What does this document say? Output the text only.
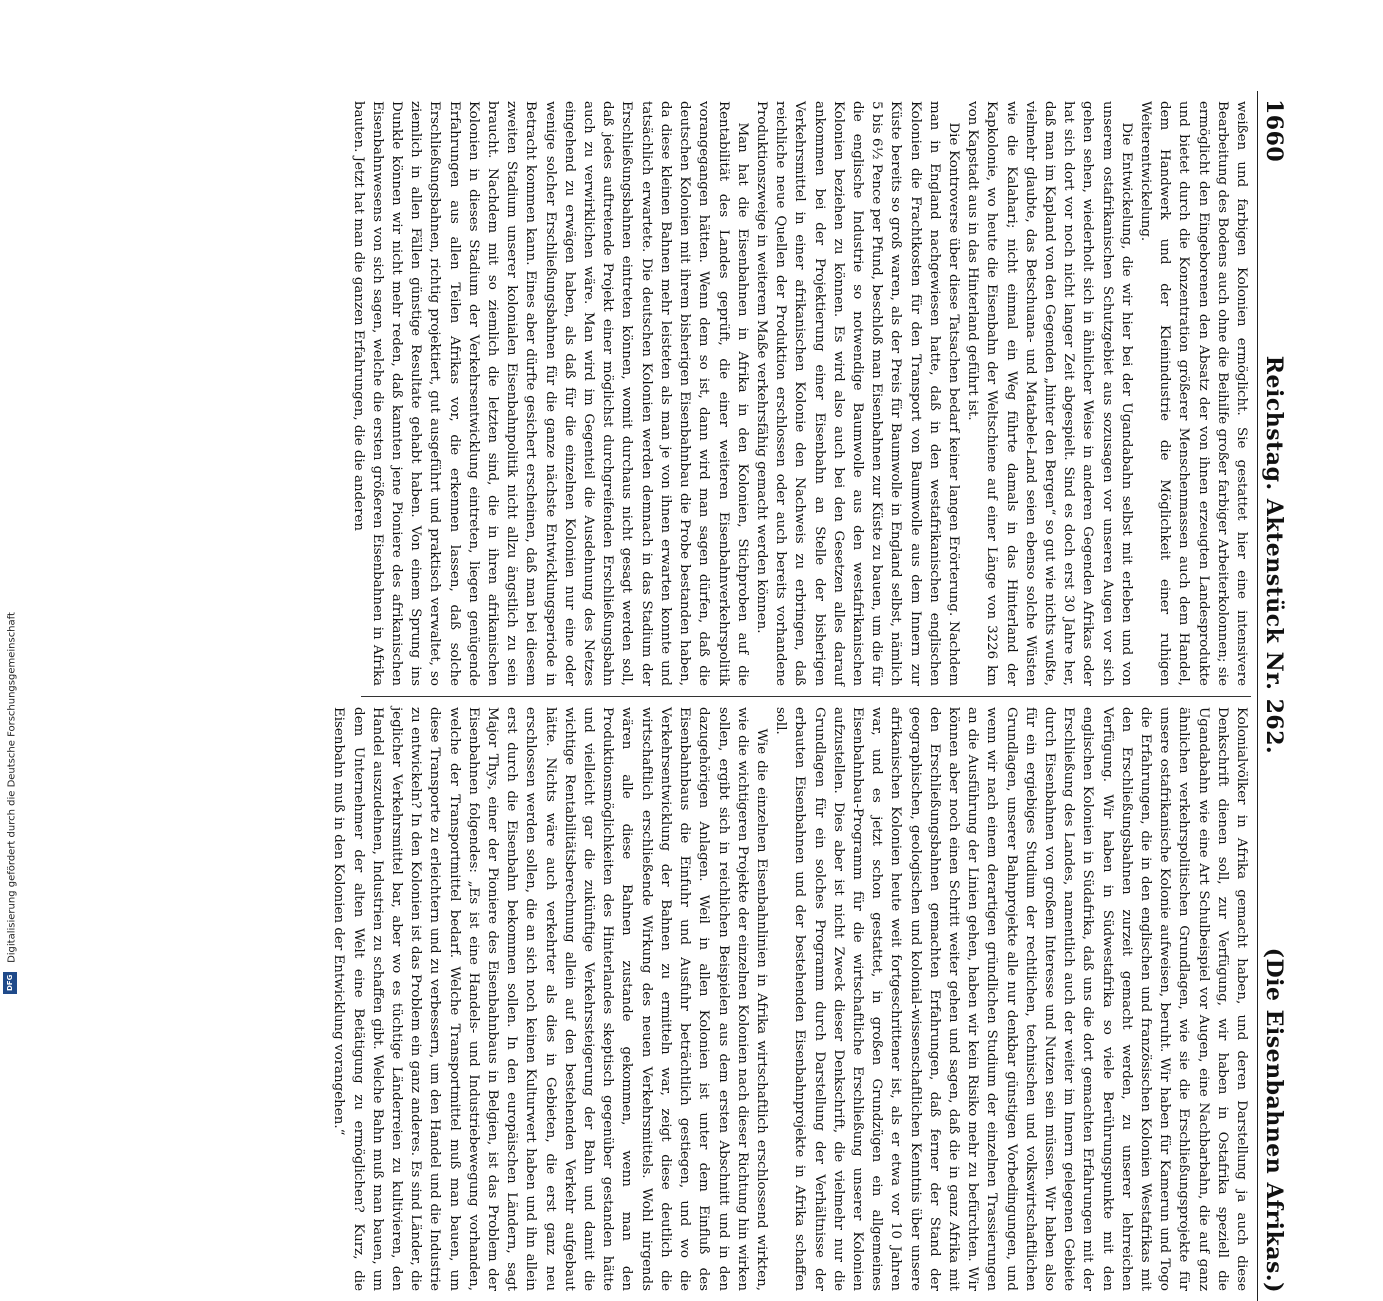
1660
Reichstag. Aktenstück Nr. 262.
(Die Eisenbahnen Afrikas.)

weißen und farbigen Kolonien ermöglicht. Sie gestattet hier eine intensivere Bearbeitung des Bodens auch ohne die Beihilfe großer farbiger Arbeiterkolonnen; sie ermöglicht den Eingeborenen den Absatz der von ihnen erzeugten Landesprodukte und bietet durch die Konzentration größerer Menschenmassen auch dem Handel, dem Handwerk und der Kleinindustrie die Möglichkeit einer ruhigen Weiterentwickelung.

Die Entwickelung, die wir hier bei der Ugandabahn selbst mit erleben und von unserem ostafrikanischen Schutzgebiet aus sozusagen vor unseren Augen vor sich gehen sehen, wiederholt sich in ähnlicher Weise in anderen Gegenden Afrikas oder hat sich dort vor noch nicht langer Zeit abgespielt. Sind es doch erst 30 Jahre her, daß man im Kapland von den Gegenden „hinter den Bergen“ so gut wie nichts wußte, vielmehr glaubte, das Betschuana- und Matabele-Land seien ebenso solche Wüsten wie die Kalahari; nicht einmal ein Weg führte damals in das Hinterland der Kapkolonie, wo heute die Eisenbahn der Weltschiene auf einer Länge von 3226 km von Kapstadt aus in das Hinterland geführt ist.

Die Kontroverse über diese Tatsachen bedarf keiner langen Erörterung. Nachdem man in England nachgewiesen hatte, daß in den westafrikanischen englischen Kolonien die Frachtkosten für den Transport von Baumwolle aus dem Innern zur Küste bereits so groß waren, als der Preis für Baumwolle in England selbst, nämlich 5 bis 6½ Pence per Pfund, beschloß man Eisenbahnen zur Küste zu bauen, um die für die englische Industrie so notwendige Baumwolle aus den westafrikanischen Kolonien beziehen zu können. Es wird also auch bei den Gesetzen alles darauf ankommen bei der Projektierung einer Eisenbahn an Stelle der bisherigen Verkehrsmittel in einer afrikanischen Kolonie den Nachweis zu erbringen, daß reichliche neue Quellen der Produktion erschlossen oder auch bereits vorhandene Produktionszweige in weiterem Maße verkehrsfähig gemacht werden können.

Man hat die Eisenbahnen in Afrika in den Kolonien, Stichproben auf die Rentabilität des Landes geprüft, die einer weiteren Eisenbahnverkehrspolitik vorangegangen hätten. Wenn dem so ist, dann wird man sagen dürfen, daß die deutschen Kolonien mit ihrem bisherigen Eisenbahnbau die Probe bestanden haben, da diese kleinen Bahnen mehr leisteten als man je von ihnen erwarten konnte und tatsächlich erwartete. Die deutschen Kolonien werden demnach in das Stadium der Erschließungsbahnen eintreten können, womit durchaus nicht gesagt werden soll, daß jedes auftretende Projekt einer möglichst durchgreifenden Erschließungsbahn auch zu verwirklichen wäre. Man wird im Gegenteil die Ausdehnung des Netzes eingehend zu erwägen haben, als daß für die einzelnen Kolonien nur eine oder wenige solcher Erschließungsbahnen für die ganze nächste Entwicklungsperiode in Betracht kommen kann. Eines aber dürfte gesichert erscheinen, daß man bei diesem zweiten Stadium unserer kolonialen Eisenbahnpolitik nicht allzu ängstlich zu sein braucht. Nachdem mit so ziemlich die letzten sind, die in ihren afrikanischen Kolonien in dieses Stadium der Verkehrsentwicklung eintreten, liegen genügende Erfahrungen aus allen Teilen Afrikas vor, die erkennen lassen, daß solche Erschließungsbahnen, richtig projektiert, gut ausgeführt und praktisch verwaltet, so ziemlich in allen Fällen günstige Resultate gehabt haben. Von einem Sprung ins Dunkle können wir nicht mehr reden, daß kannten jene Pioniere des afrikanischen Eisenbahnwesens von sich sagen, welche die ersten größeren Eisenbahnen in Afrika bauten. Jetzt hat man die ganzen Erfahrungen, die die anderen

Kolonialvölker in Afrika gemacht haben, und deren Darstellung ja auch diese Denkschrift dienen soll, zur Verfügung, wir haben in Ostafrika speziell die Ugandabahn wie eine Art Schulbeispiel vor Augen, eine Nachbarbahn, die auf ganz ähnlichen verkehrspolitischen Grundlagen, wie sie die Erschließungsprojekte für unsere ostafrikanische Kolonie aufweisen, beruht. Wir haben für Kamerun und Togo die Erfahrungen, die in den englischen und französischen Kolonien Westafrikas mit den Erschließungsbahnen zurzeit gemacht werden, zu unserer lehrreichen Verfügung. Wir haben in Südwestafrika so viele Berührungspunkte mit den englischen Kolonien in Südafrika, daß uns die dort gemachten Erfahrungen mit der Erschließung des Landes, namentlich auch der weiter im Innern gelegenen Gebiete durch Eisenbahnen von großem Interesse und Nutzen sein müssen. Wir haben also für ein ergiebiges Studium der rechtlichen, technischen und volkswirtschaftlichen Grundlagen, unserer Bahnprojekte alle nur denkbar günstigen Vorbedingungen, und wenn wir nach einem derartigen gründlichen Studium der einzelnen Trassierungen an die Ausführung der Linien gehen, haben wir kein Risiko mehr zu befürchten. Wir können aber noch einen Schritt weiter gehen und sagen, daß die in ganz Afrika mit den Erschließungsbahnen gemachten Erfahrungen, daß ferner der Stand der geographischen, geologischen und kolonial-wissenschaftlichen Kenntnis über unsere afrikanischen Kolonien heute weit fortgeschrittener ist, als er etwa vor 10 Jahren war, und es jetzt schon gestattet, in großen Grundzügen ein allgemeines Eisenbahnbau-Programm für die wirtschaftliche Erschließung unserer Kolonien aufzustellen. Dies aber ist nicht Zweck dieser Denkschrift, die vielmehr nur die Grundlagen für ein solches Programm durch Darstellung der Verhältnisse der erbauten Eisenbahnen und der bestehenden Eisenbahnprojekte in Afrika schaffen soll.

Wie die einzelnen Eisenbahnlinien in Afrika wirtschaftlich erschlossend wirkten, wie die wichtigeren Projekte der einzelnen Kolonien nach dieser Richtung hin wirken sollen, ergibt sich in reichlichen Beispielen aus dem ersten Abschnitt und in den dazugehörigen Anlagen. Weil in allen Kolonien ist unter dem Einfluß des Eisenbahnbaus die Einfuhr und Ausfuhr beträchtlich gestiegen, und wo die Verkehrsentwicklung der Bahnen zu ermitteln war, zeigt diese deutlich die wirtschaftlich erschließende Wirkung des neuen Verkehrsmittels. Wohl nirgends wären alle diese Bahnen zustande gekommen, wenn man den Produktionsmöglichkeiten des Hinterlandes skeptisch gegenüber gestanden hätte und vielleicht gar die zukünftige Verkehrssteigerung der Bahn und damit die wichtige Rentabilitätsberechnung allein auf den bestehenden Verkehr aufgebaut hätte. Nichts wäre auch verkehrter als dies in Gebieten, die erst ganz neu erschlossen werden sollen, die an sich noch keinen Kulturwert haben und ihn allein erst durch die Eisenbahn bekommen sollen. In den europäischen Ländern, sagt Major Thys, einer der Pioniere des Eisenbahnbaus in Belgien, ist das Problem der Eisenbahnen folgendes: „Es ist eine Handels- und Industriebewegung vorhanden, welche der Transportmittel bedarf. Welche Transportmittel muß man bauen, um diese Transporte zu erleichtern und zu verbessern, um den Handel und die Industrie zu entwickeln? In den Kolonien ist das Problem ein ganz anderes. Es sind Länder, die jeglicher Verkehrsmittel bar, aber wo es tüchtige Länderreien zu kultivieren, den Handel auszudehnen, Industrien zu schaffen gibt. Welche Bahn muß man bauen, um dem Unternehmer der alten Welt eine Betätigung zu ermöglichen? Kurz, die Eisenbahn muß in den Kolonien der Entwicklung vorangehen.“

Digitalisierung gefördert durch die Deutsche Forschungsgemeinschaft
DFG
